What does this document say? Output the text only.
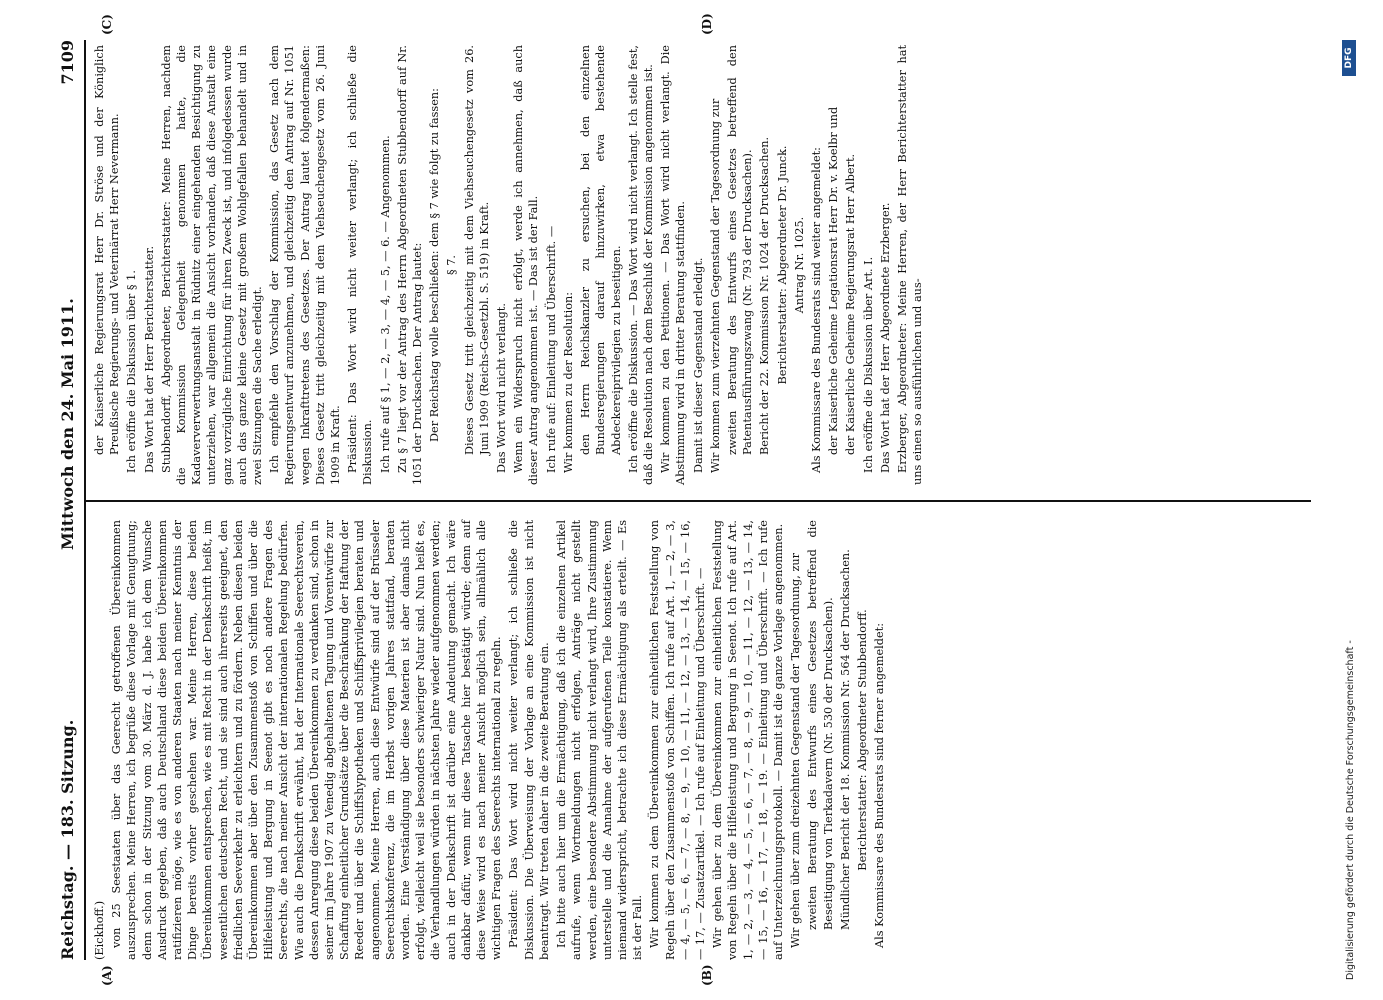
Reichstag. — 183. Sitzung.
Mittwoch den 24. Mai 1911.
7109
(A)	(B)
(C)	(D)

(Eickhoff.) von 25 Seestaaten über das Geerecht getroffenen Übereinkommen auszusprechen. Meine Herren, ich begrüße diese Vorlage mit Genugtuung; denn schon in der Sitzung vom 30. März d. J. habe ich dem Wunsche Ausdruck gegeben, daß auch Deutschland diese beiden Übereinkommen ratifizieren möge, wie es von anderen Staaten nach meiner Kenntnis der Dinge bereits vorher geschehen war. Meine Herren, diese beiden Übereinkommen entsprechen, wie es mit Recht in der Denkschrift heißt, im wesentlichen deutschem Recht, und sie sind auch ihrerseits geeignet, den friedlichen Seeverkehr zu erleichtern und zu fördern. Neben diesen beiden Übereinkommen aber über den Zusammenstoß von Schiffen und über die Hilfeleistung und Bergung in Seenot gibt es noch andere Fragen des Seerechts, die nach meiner Ansicht der internationalen Regelung bedürfen. Wie auch die Denkschrift erwähnt, hat der Internationale Seerechtsverein, dessen Anregung diese beiden Übereinkommen zu verdanken sind, schon in seiner im Jahre 1907 zu Venedig abgehaltenen Tagung und Vorentwürfe zur Schaffung einheitlicher Grundsätze über die Beschränkung der Haftung der Reeder und über die Schiffshypotheken und Schiffsprivilegien beraten und angenommen. Meine Herren, auch diese Entwürfe sind auf der Brüsseler Seerechtskonferenz, die im Herbst vorigen Jahres stattfand, beraten worden. Eine Verständigung über diese Materien ist aber damals nicht erfolgt, vielleicht weil sie besonders schwieriger Natur sind. Nun heißt es, die Verhandlungen würden in nächsten Jahre wieder aufgenommen werden; auch in der Denkschrift ist darüber eine Andeutung gemacht. Ich wäre dankbar dafür, wenn mir diese Tatsache hier bestätigt würde; denn auf diese Weise wird es nach meiner Ansicht möglich sein, allmählich alle wichtigen Fragen des Seerechts international zu regeln. Präsident: Das Wort wird nicht weiter verlangt; ich schließe die Diskussion. Die Überweisung der Vorlage an eine Kommission ist nicht beantragt. Wir treten daher in die zweite Beratung ein. Ich bitte auch hier um die Ermächtigung, daß ich die einzelnen Artikel aufrufe, wenn Wortmeldungen nicht erfolgen, Anträge nicht gestellt werden, eine besondere Abstimmung nicht verlangt wird, Ihre Zustimmung unterstelle und die Annahme der aufgerufenen Teile konstatiere. Wenn niemand widerspricht, betrachte ich diese Ermächtigung als erteilt. — Es ist der Fall. Wir kommen zu dem Übereinkommen zur einheitlichen Feststellung von Regeln über den Zusammenstoß von Schiffen. Ich rufe auf Art. 1, — 2, — 3, — 4, — 5, — 6, — 7, — 8, — 9, — 10, — 11, — 12, — 13, — 14, — 15, — 16, — 17, — Zusatzartikel. — Ich rufe auf Einleitung und Überschrift. — Wir gehen über zu dem Übereinkommen zur einheitlichen Feststellung von Regeln über die Hilfeleistung und Bergung in Seenot. Ich rufe auf Art. 1, — 2, — 3, — 4, — 5, — 6, — 7, — 8, — 9, — 10, — 11, — 12, — 13, — 14, — 15, — 16, — 17, — 18, — 19. — Einleitung und Überschrift. — Ich rufe auf Unterzeichnungsprotokoll. — Damit ist die ganze Vorlage angenommen. Wir gehen über zum dreizehnten Gegenstand der Tagesordnung, zur zweiten Beratung des Entwurfs eines Gesetzes betreffend die Beseitigung von Tierkadavern (Nr. 530 der Drucksachen). Mündlicher Bericht der 18. Kommission Nr. 564 der Drucksachen. Berichterstatter: Abgeordneter Stubbendorff. Als Kommissare des Bundesrats sind ferner angemeldet:

der Kaiserliche Regierungsrat Herr Dr. Ströse und der Königlich Preußische Regierungs- und Veterinärrat Herr Nevermann. Ich eröffne die Diskussion über § 1. Das Wort hat der Herr Berichterstatter. Stubbendorff, Abgeordneter, Berichterstatter: Meine Herren, nachdem die Kommission Gelegenheit genommen hatte, die Kadaververwertungsanstalt in Rüdnitz einer eingehenden Besichtigung zu unterziehen, war allgemein die Ansicht vorhanden, daß diese Anstalt eine ganz vorzügliche Einrichtung für ihren Zweck ist, und infolgedessen wurde auch das ganze kleine Gesetz mit großem Wohlgefallen behandelt und in zwei Sitzungen die Sache erledigt. Ich empfehle den Vorschlag der Kommission, das Gesetz nach dem Regierungsentwurf anzunehmen, und gleichzeitig den Antrag auf Nr. 1051 wegen Inkrafttretens des Gesetzes. Der Antrag lautet folgendermaßen: Dieses Gesetz tritt gleichzeitig mit dem Viehseuchengesetz vom 26. Juni 1909 in Kraft. Präsident: Das Wort wird nicht weiter verlangt; ich schließe die Diskussion. Ich rufe auf § 1, — 2, — 3, — 4, — 5, — 6. — Angenommen. Zu § 7 liegt vor der Antrag des Herrn Abgeordneten Stubbendorff auf Nr. 1051 der Drucksachen. Der Antrag lautet: Der Reichstag wolle beschließen: dem § 7 wie folgt zu fassen: § 7. Dieses Gesetz tritt gleichzeitig mit dem Viehseuchengesetz vom 26. Juni 1909 (Reichs-Gesetzbl. S. 519) in Kraft. Das Wort wird nicht verlangt. Wenn ein Widerspruch nicht erfolgt, werde ich annehmen, daß auch dieser Antrag angenommen ist. — Das ist der Fall. Ich rufe auf: Einleitung und Überschrift. — Wir kommen zu der Resolution: den Herrn Reichskanzler zu ersuchen, bei den einzelnen Bundesregierungen darauf hinzuwirken, etwa bestehende Abdeckereiprivilegien zu beseitigen. Ich eröffne die Diskussion. — Das Wort wird nicht verlangt. Ich stelle fest, daß die Resolution nach dem Beschluß der Kommission angenommen ist. Wir kommen zu den Petitionen. — Das Wort wird nicht verlangt. Die Abstimmung wird in dritter Beratung stattfinden. Damit ist dieser Gegenstand erledigt. Wir kommen zum vierzehnten Gegenstand der Tagesordnung zur zweiten Beratung des Entwurfs eines Gesetzes betreffend den Patentausführungszwang (Nr. 793 der Drucksachen). Bericht der 22. Kommission Nr. 1024 der Drucksachen. Berichterstatter: Abgeordneter Dr. Junck. Antrag Nr. 1025. Als Kommissare des Bundesrats sind weiter angemeldet: der Kaiserliche Geheime Legationsrat Herr Dr. v. Koelbr und der Kaiserliche Geheime Regierungsrat Herr Albert. Ich eröffne die Diskussion über Art. I. Das Wort hat der Herr Abgeordnete Erzberger. Erzberger, Abgeordneter: Meine Herren, der Herr Berichterstatter hat uns einen so ausführlichen und aus-

Digitalisierung gefördert durch die Deutsche Forschungsgemeinschaft -
DFG
